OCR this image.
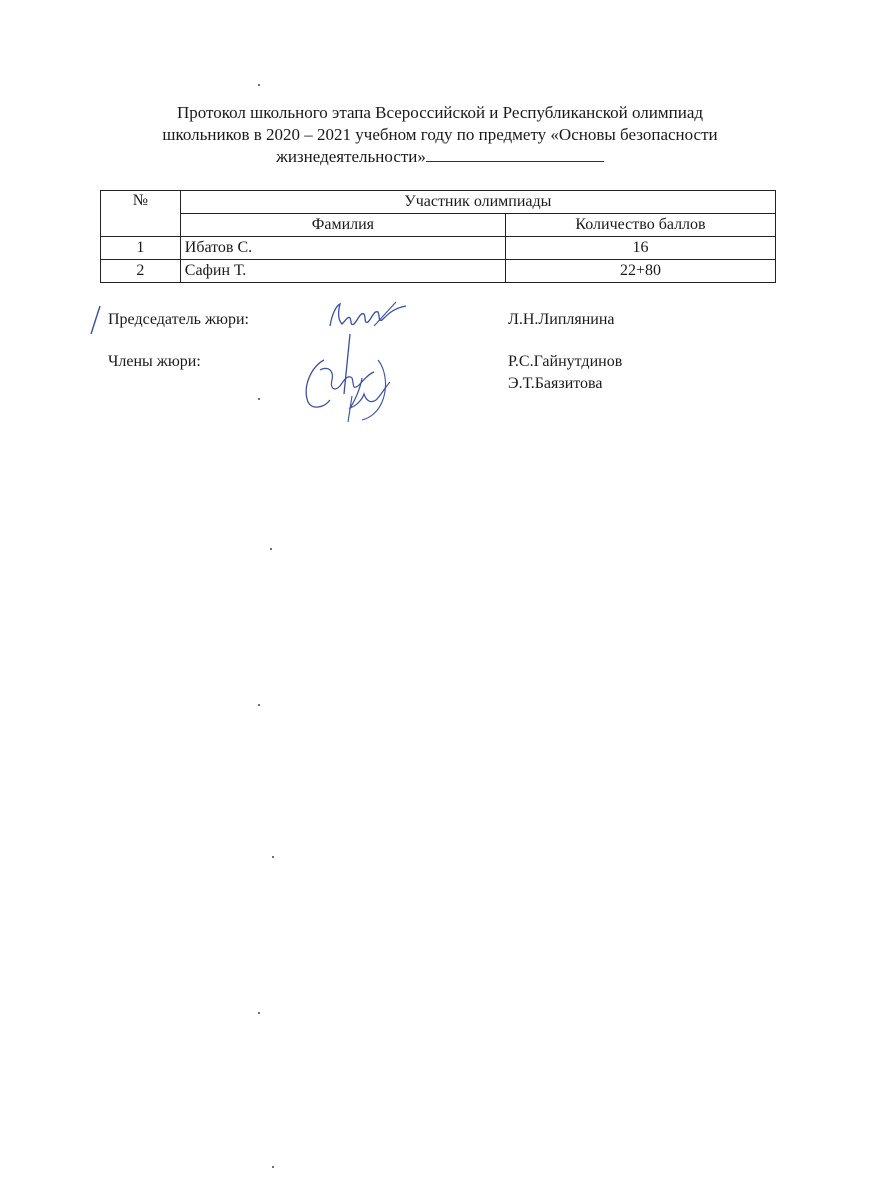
Протокол школьного этапа Всероссийской и Республиканской олимпиад
школьников в 2020 – 2021 учебном году по предмету «Основы безопасности
жизнедеятельности»
№	Участник олимпиады	
	Фамилия	Количество баллов
1	Ибатов С.	16
2	Сафин Т.	22+80
Председатель жюри:	Л.Н.Липлянина
Члены жюри:	Р.С.Гайнутдинов
Э.Т.Баязитова
